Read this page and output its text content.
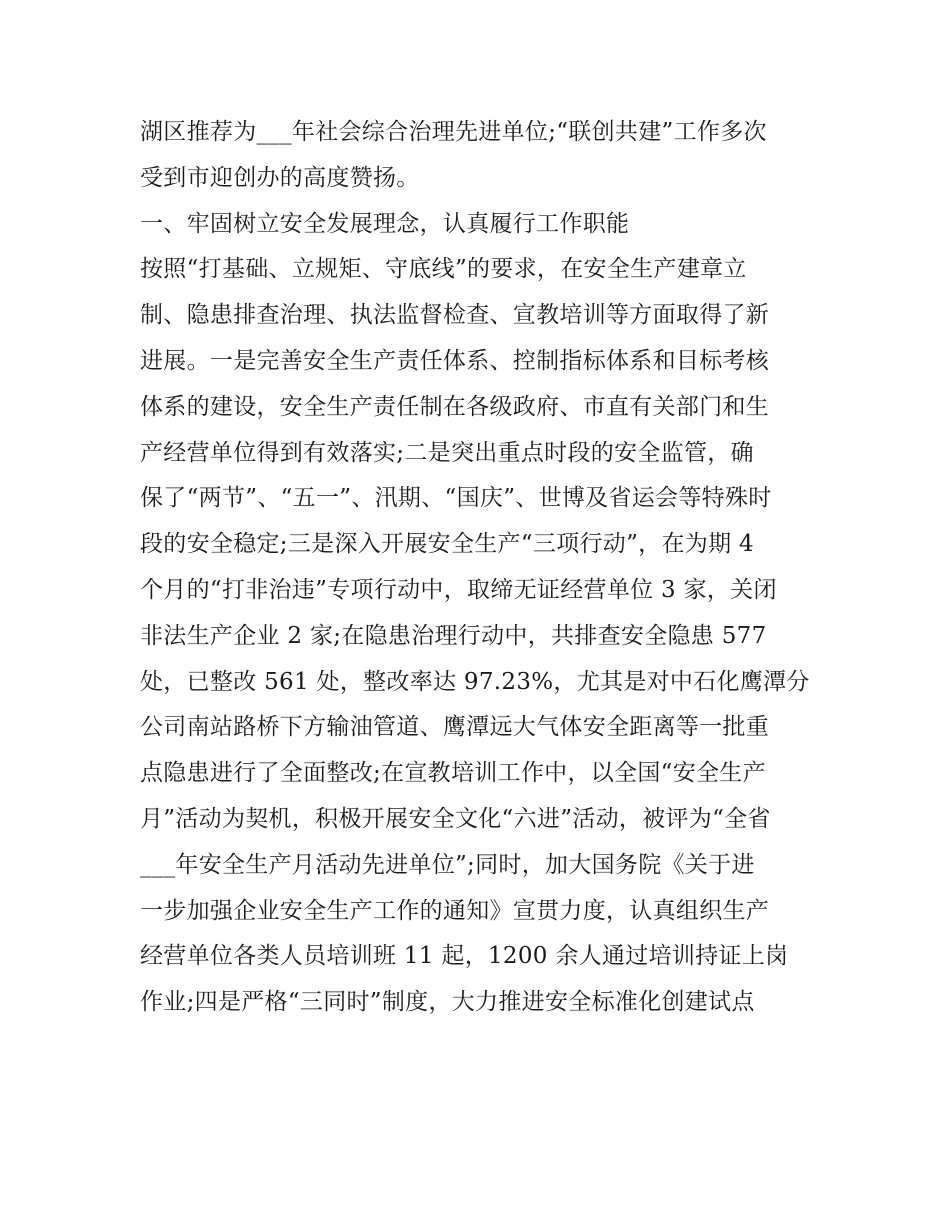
湖区推荐为___年社会综合治理先进单位;“联创共建”工作多次
受到市迎创办的高度赞扬。
一、牢固树立安全发展理念，认真履行工作职能
按照“打基础、立规矩、守底线”的要求，在安全生产建章立
制、隐患排查治理、执法监督检查、宣教培训等方面取得了新
进展。一是完善安全生产责任体系、控制指标体系和目标考核
体系的建设，安全生产责任制在各级政府、市直有关部门和生
产经营单位得到有效落实;二是突出重点时段的安全监管，确
保了“两节”、“五一”、汛期、“国庆”、世博及省运会等特殊时
段的安全稳定;三是深入开展安全生产“三项行动”，在为期 4
个月的“打非治违”专项行动中，取缔无证经营单位 3 家，关闭
非法生产企业 2 家;在隐患治理行动中，共排查安全隐患 577
处，已整改 561 处，整改率达 97.23%，尤其是对中石化鹰潭分
公司南站路桥下方输油管道、鹰潭远大气体安全距离等一批重
点隐患进行了全面整改;在宣教培训工作中，以全国“安全生产
月”活动为契机，积极开展安全文化“六进”活动，被评为“全省
___年安全生产月活动先进单位”;同时，加大国务院《关于进
一步加强企业安全生产工作的通知》宣贯力度，认真组织生产
经营单位各类人员培训班 11 起，1200 余人通过培训持证上岗
作业;四是严格“三同时”制度，大力推进安全标准化创建试点
